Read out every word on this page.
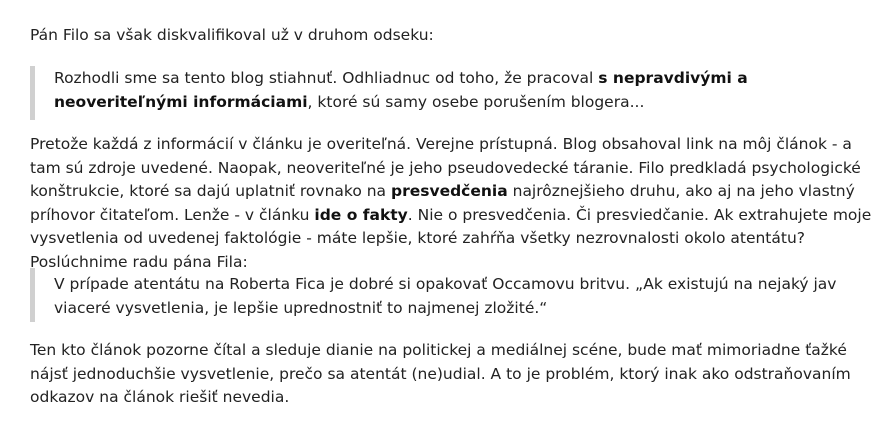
Pán Filo sa však diskvalifikoval už v druhom odseku:

Rozhodli sme sa tento blog stiahnuť. Odhliadnuc od toho, že pracoval s nepravdivými a neoveriteľnými informáciami, ktoré sú samy osebe porušením blogera...

Pretože každá z informácií v článku je overiteľná. Verejne prístupná. Blog obsahoval link na môj článok - a tam sú zdroje uvedené. Naopak, neoveriteľné je jeho pseudovedecké táranie. Filo predkladá psychologické konštrukcie, ktoré sa dajú uplatniť rovnako na presvedčenia najrôznejšieho druhu, ako aj na jeho vlastný príhovor čitateľom. Lenže - v článku ide o fakty. Nie o presvedčenia. Či presviedčanie. Ak extrahujete moje vysvetlenia od uvedenej faktológie - máte lepšie, ktoré zahŕňa všetky nezrovnalosti okolo atentátu? Poslúchnime radu pána Fila:

V prípade atentátu na Roberta Fica je dobré si opakovať Occamovu britvu. „Ak existujú na nejaký jav viaceré vysvetlenia, je lepšie uprednostniť to najmenej zložité.“

Ten kto článok pozorne čítal a sleduje dianie na politickej a mediálnej scéne, bude mať mimoriadne ťažké nájsť jednoduchšie vysvetlenie, prečo sa atentát (ne)udial. A to je problém, ktorý inak ako odstraňovaním odkazov na článok riešiť nevedia.
